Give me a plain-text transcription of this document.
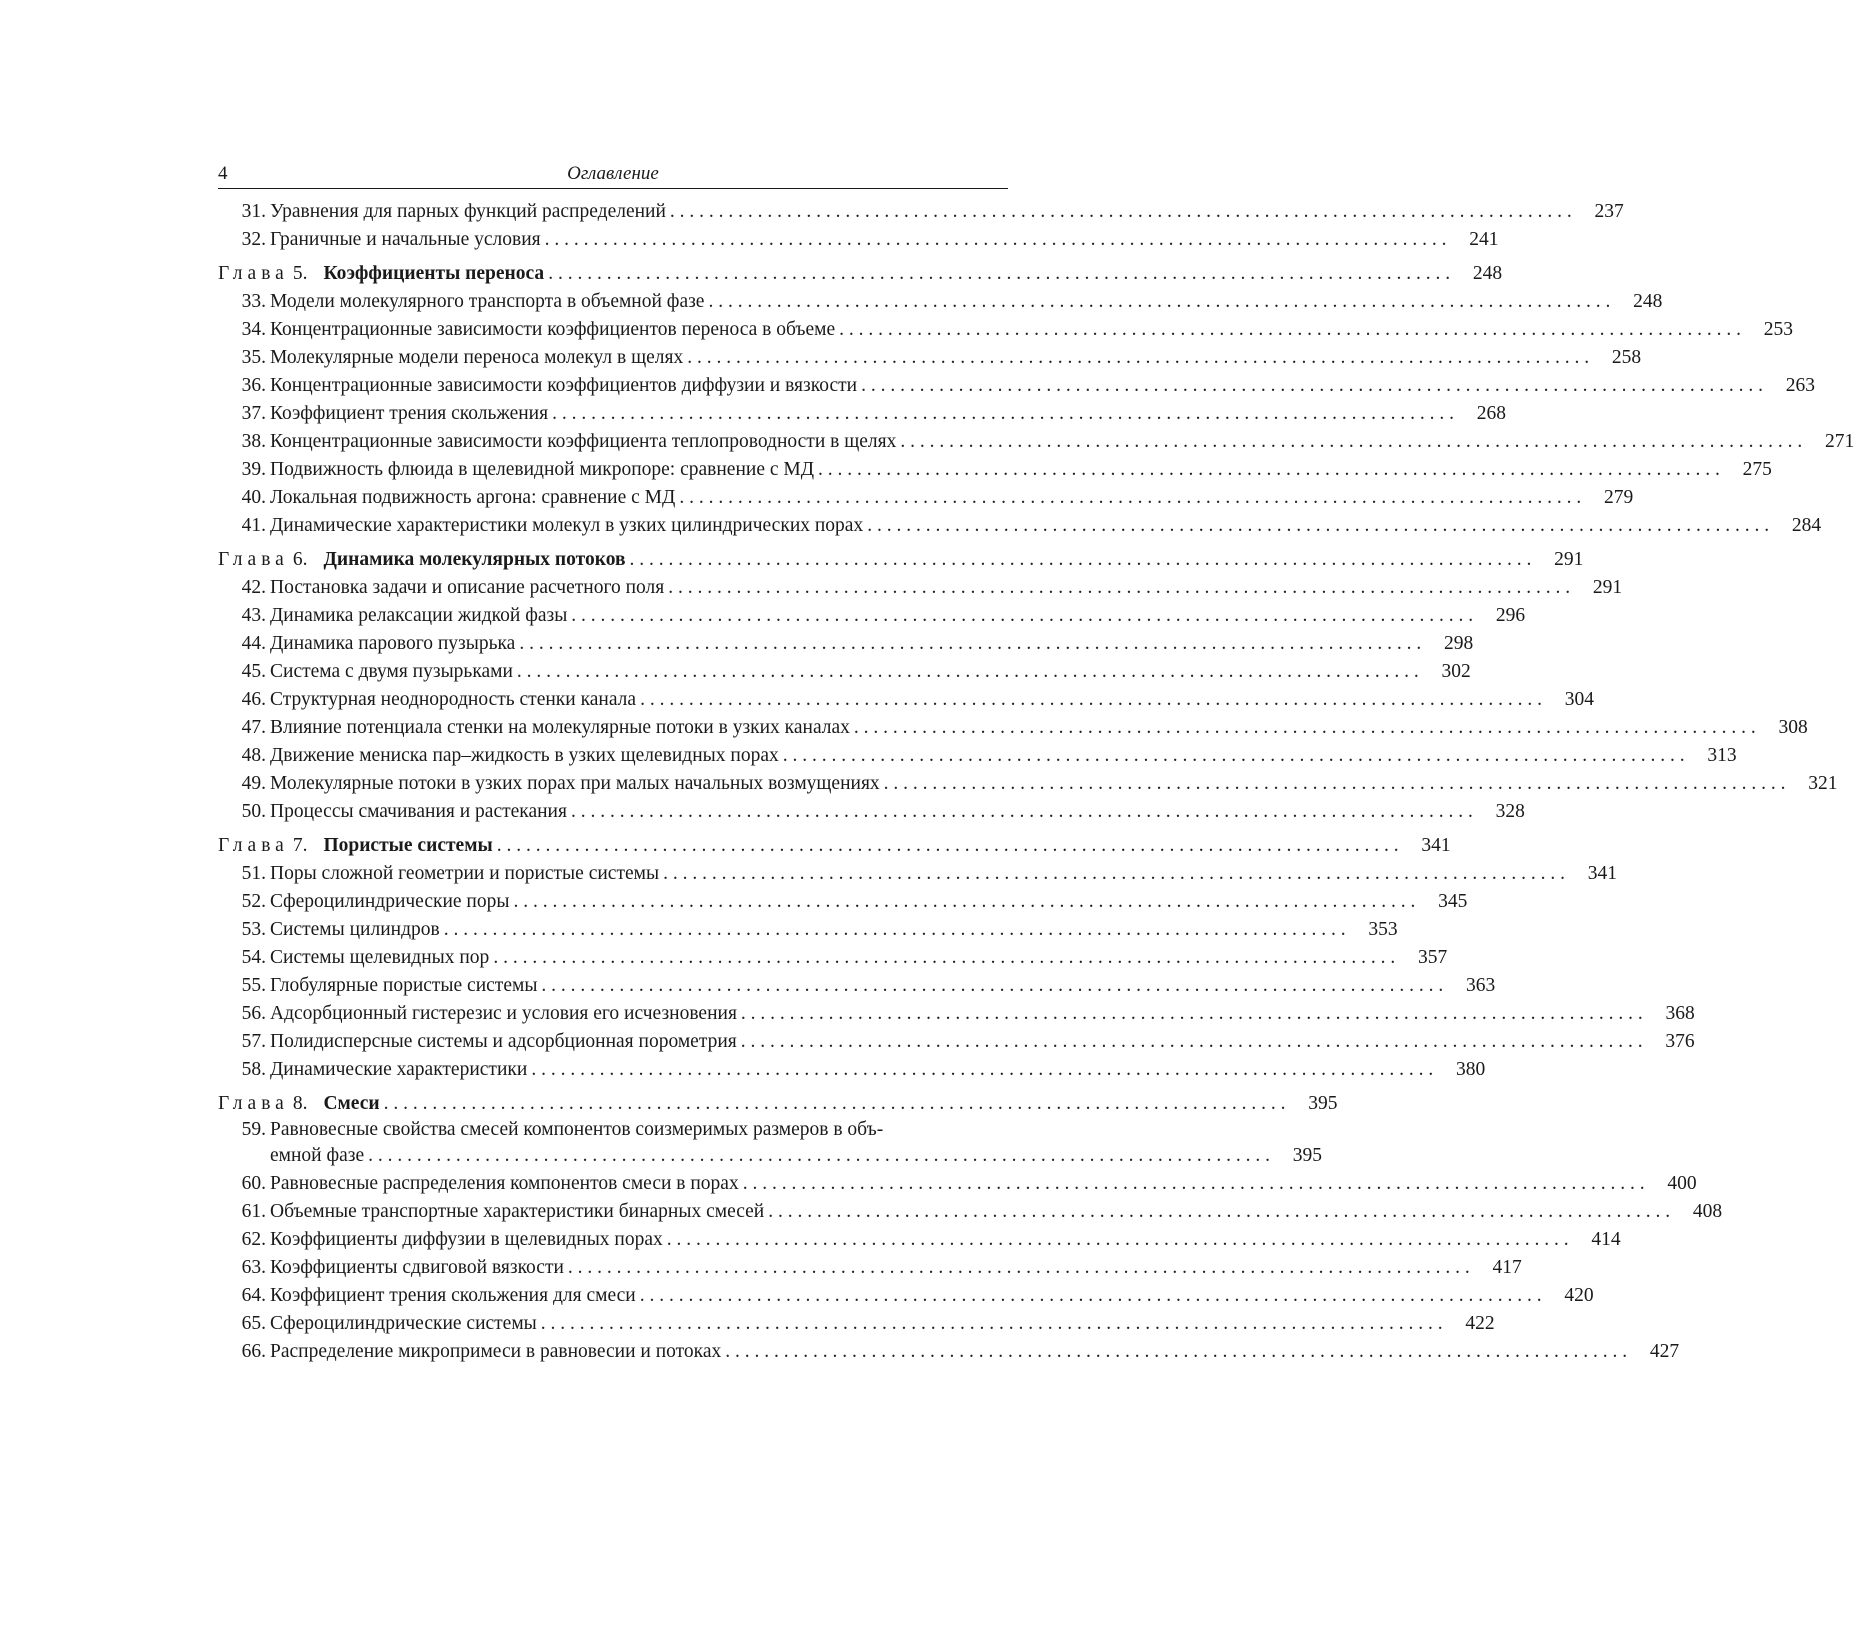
4	Оглавление
31. Уравнения для парных функций распределений . . .	237
32. Граничные и начальные условия . . .	241
Глава 5. Коэффициенты переноса . . .	248
33. Модели молекулярного транспорта в объемной фазе . . .	248
34. Концентрационные зависимости коэффициентов переноса в объеме . . .	253
35. Молекулярные модели переноса молекул в щелях . . .	258
36. Концентрационные зависимости коэффициентов диффузии и вязкости . . .	263
37. Коэффициент трения скольжения . . .	268
38. Концентрационные зависимости коэффициента теплопроводности в щелях . . .	271
39. Подвижность флюида в щелевидной микропоре: сравнение с МД . . .	275
40. Локальная подвижность аргона: сравнение с МД . . .	279
41. Динамические характеристики молекул в узких цилиндрических порах . . .	284
Глава 6. Динамика молекулярных потоков . . .	291
42. Постановка задачи и описание расчетного поля . . .	291
43. Динамика релаксации жидкой фазы . . .	296
44. Динамика парового пузырька . . .	298
45. Система с двумя пузырьками . . .	302
46. Структурная неоднородность стенки канала . . .	304
47. Влияние потенциала стенки на молекулярные потоки в узких каналах . . .	308
48. Движение мениска пар–жидкость в узких щелевидных порах . . .	313
49. Молекулярные потоки в узких порах при малых начальных возмущениях . . .	321
50. Процессы смачивания и растекания . . .	328
Глава 7. Пористые системы . . .	341
51. Поры сложной геометрии и пористые системы . . .	341
52. Сфероцилиндрические поры . . .	345
53. Системы цилиндров . . .	353
54. Системы щелевидных пор . . .	357
55. Глобулярные пористые системы . . .	363
56. Адсорбционный гистерезис и условия его исчезновения . . .	368
57. Полидисперсные системы и адсорбционная порометрия . . .	376
58. Динамические характеристики . . .	380
Глава 8. Смеси . . .	395
59. Равновесные свойства смесей компонентов соизмеримых размеров в объ-
емной фазе . . .	395
60. Равновесные распределения компонентов смеси в порах . . .	400
61. Объемные транспортные характеристики бинарных смесей . . .	408
62. Коэффициенты диффузии в щелевидных порах . . .	414
63. Коэффициенты сдвиговой вязкости . . .	417
64. Коэффициент трения скольжения для смеси . . .	420
65. Сфероцилиндрические системы . . .	422
66. Распределение микропримеси в равновесии и потоках . . .	427
